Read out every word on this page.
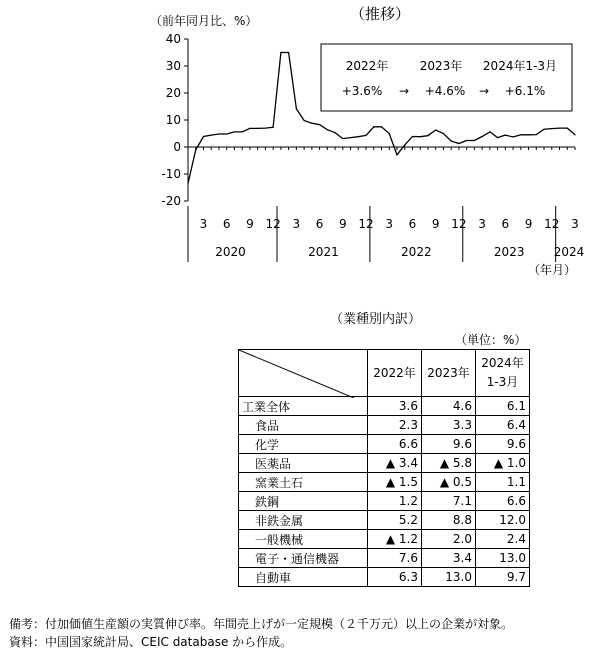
（推移）
（前年同月比、%）
40
30
20
10
0
-10
-20
3 6 9 12 3 6 9 12 3 6 9 12 3 6 9 12 3
2020	2021	2022	2023 2024
2022年	2023年 2024年1-3月
+3.6% → +4.6% → +6.1%
（年月）
（業種別内訳）
（単位：%）
	2022年	2023年	2024年
1-3月

工業全体	3.6	4.6	6.1
食品	2.3	3.3	6.4
化学	6.6	9.6	9.6
医薬品	▲ 3.4	▲ 5.8	▲ 1.0
窯業土石	▲ 1.5	▲ 0.5	1.1
鉄鋼	1.2	7.1	6.6
非鉄金属	5.2	8.8	12.0
一般機械	▲ 1.2	2.0	2.4
電子・通信機器	7.6	3.4	13.0
自動車	6.3	13.0	9.7
備考：付加価値生産額の実質伸び率。年間売上げが一定規模（２千万元）以上の企業が対象。
資料：中国国家統計局、CEIC database から作成。
